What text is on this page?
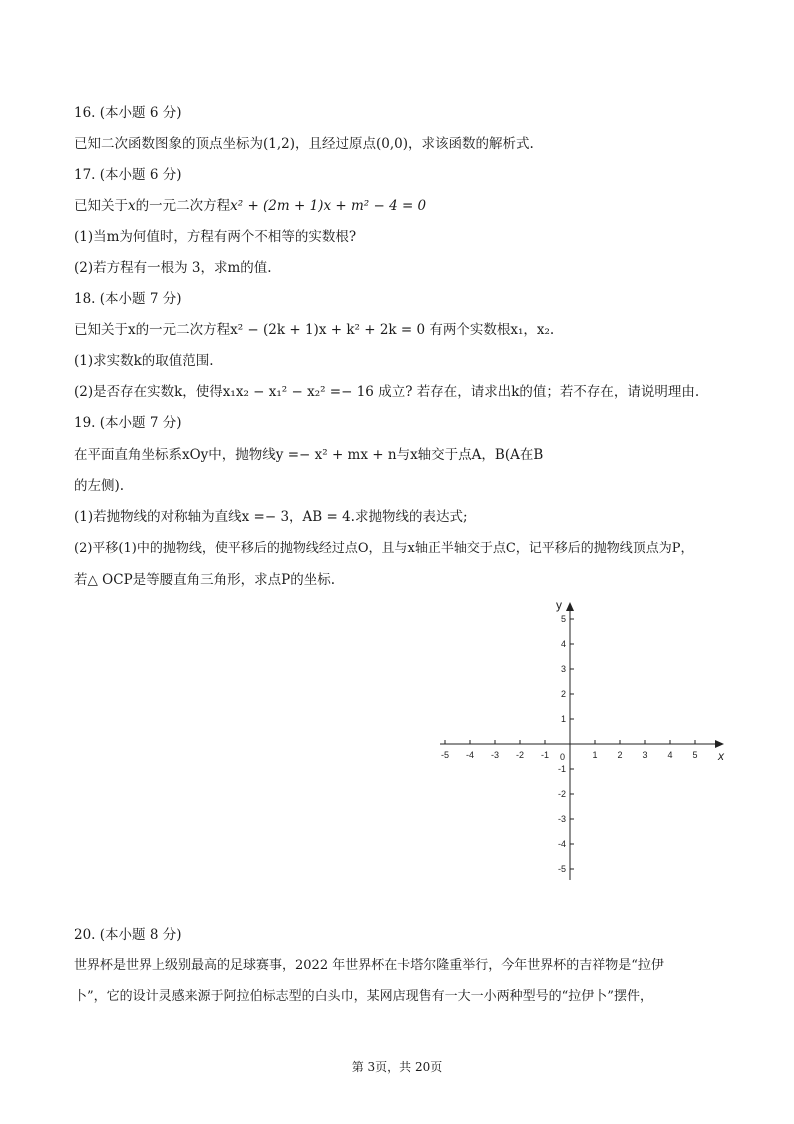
16. (本小题 6 分)
已知二次函数图象的顶点坐标为(1,2)，且经过原点(0,0)，求该函数的解析式.
17. (本小题 6 分)
已知关于x的一元二次方程x² + (2m + 1)x + m² − 4 = 0
(1)当m为何值时，方程有两个不相等的实数根?
(2)若方程有一根为 3，求m的值.
18. (本小题 7 分)
已知关于x的一元二次方程x² − (2k + 1)x + k² + 2k = 0 有两个实数根x₁，x₂.
(1)求实数k的取值范围.
(2)是否存在实数k，使得x₁x₂ − x₁² − x₂² =− 16 成立? 若存在，请求出k的值；若不存在，请说明理由.
19. (本小题 7 分)
在平面直角坐标系xOy中，抛物线y =− x² + mx + n与x轴交于点A，B(A在B
的左侧).
(1)若抛物线的对称轴为直线x =− 3，AB = 4.求抛物线的表达式;
(2)平移(1)中的抛物线，使平移后的抛物线经过点O，且与x轴正半轴交于点C，记平移后的抛物线顶点为P，
若△ OCP是等腰直角三角形，求点P的坐标.
-5 -4 -3 -2 -1	1 2 3 4 5
5
4
3
2
1
-1
-2
-3
-4
-5
x
y
0
20. (本小题 8 分)
世界杯是世界上级别最高的足球赛事，2022 年世界杯在卡塔尔隆重举行，今年世界杯的吉祥物是“拉伊
卜”，它的设计灵感来源于阿拉伯标志型的白头巾，某网店现售有一大一小两种型号的“拉伊卜”摆件，
第 3页，共 20页
